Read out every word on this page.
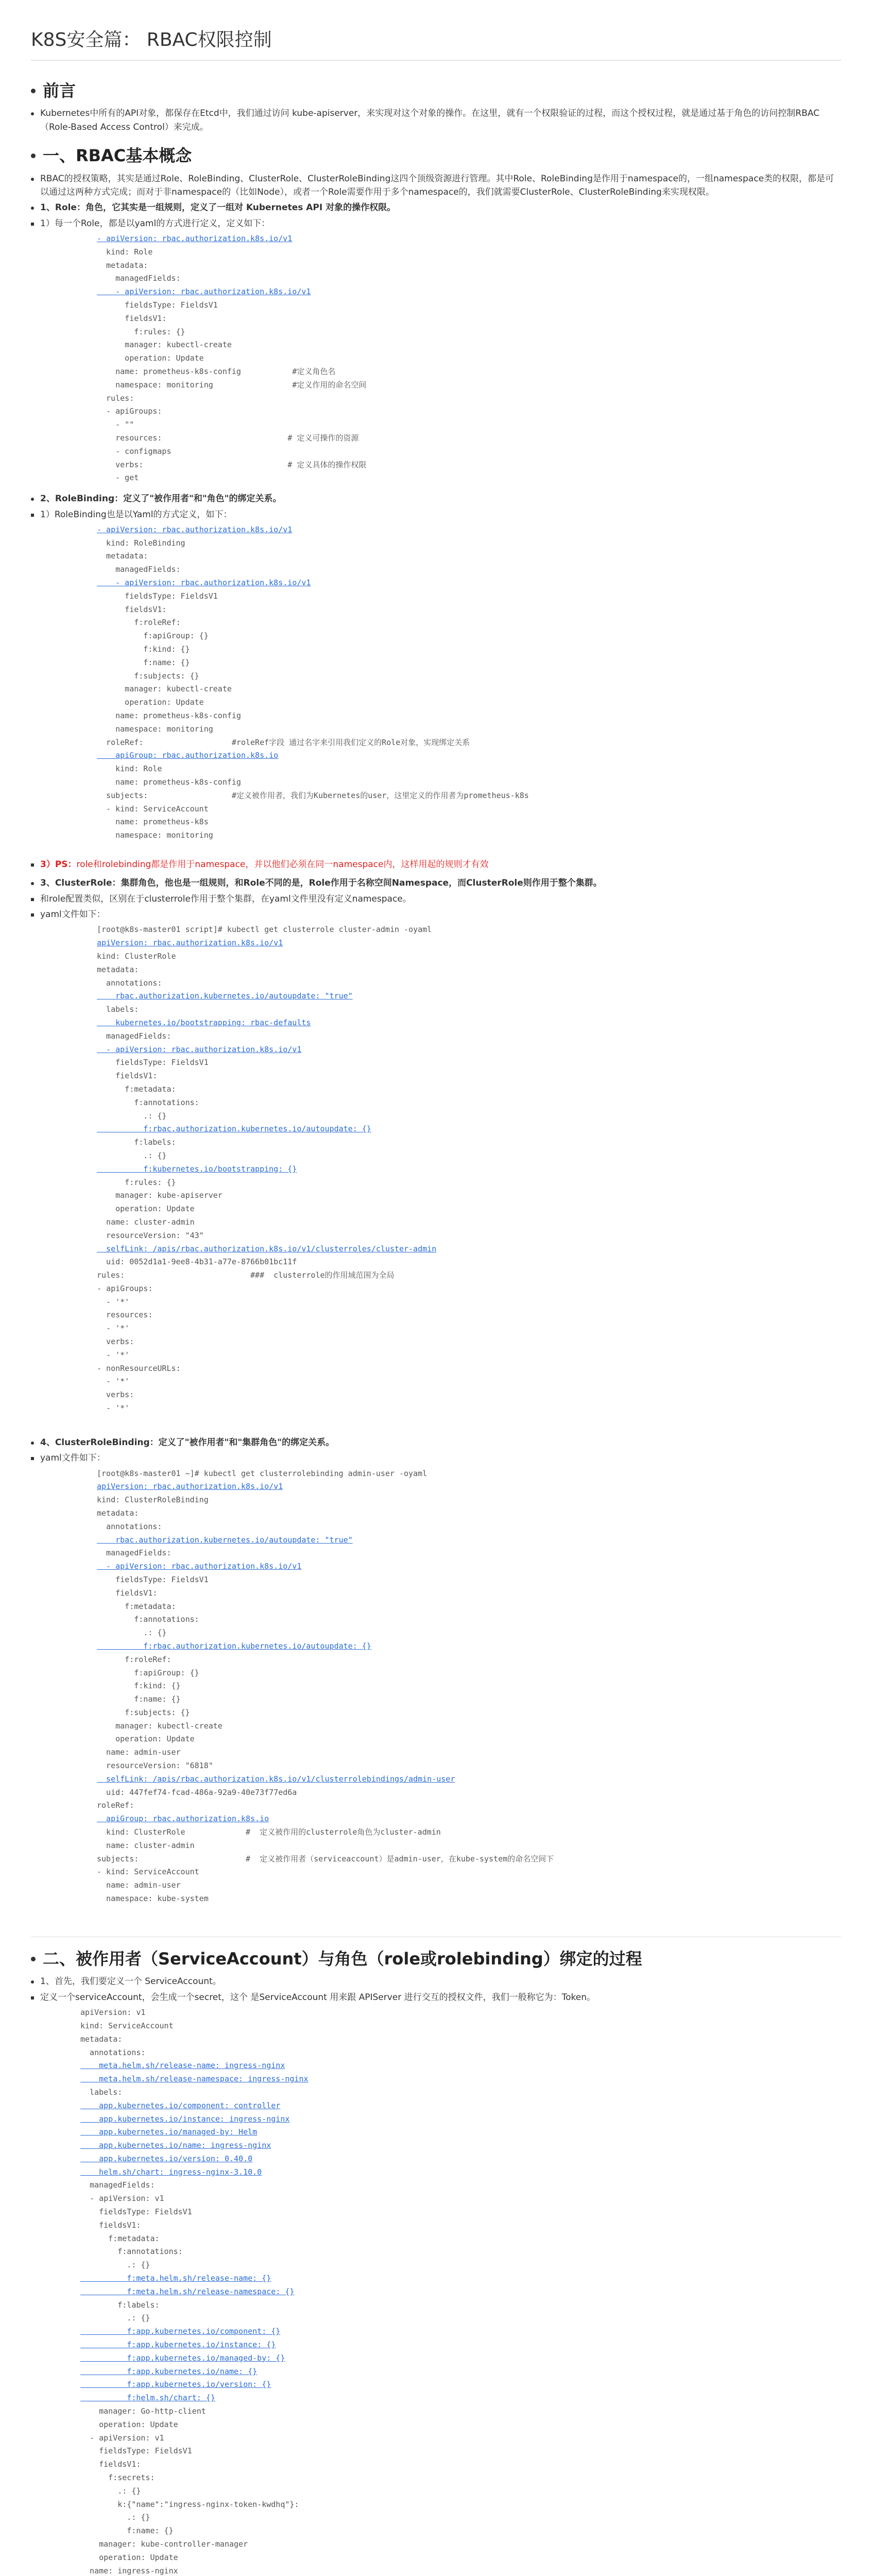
K8S安全篇： RBAC权限控制
前言
Kubernetes中所有的API对象，都保存在Etcd中，我们通过访问 kube-apiserver，来实现对这个对象的操作。在这里，就有一个权限验证的过程，而这个授权过程，就是通过基于角色的访问控制RBAC（Role-Based Access Control）来完成。
一、RBAC基本概念
RBAC的授权策略，其实是通过Role、RoleBinding、ClusterRole、ClusterRoleBinding这四个顶级资源进行管理。其中Role、RoleBinding是作用于namespace的，一组namespace类的权限，都是可以通过这两种方式完成；而对于非namespace的（比如Node），或者一个Role需要作用于多个namespace的，我们就需要ClusterRole、ClusterRoleBinding来实现权限。
1、Role：角色，它其实是一组规则，定义了一组对 Kubernetes API 对象的操作权限。
1）每一个Role，都是以yaml的方式进行定义，定义如下：
- apiVersion: rbac.authorization.k8s.io/v1
kind: Role
metadata:
managedFields:
- apiVersion: rbac.authorization.k8s.io/v1
fieldsType: FieldsV1
fieldsV1:
f:rules: {}
manager: kubectl-create
operation: Update
name: prometheus-k8s-config           #定义角色名
namespace: monitoring                 #定义作用的命名空间
rules:
- apiGroups:
- ""
resources:                           # 定义可操作的资源
- configmaps
verbs:                               # 定义具体的操作权限
- get
2、RoleBinding：定义了"被作用者"和"角色"的绑定关系。
1）RoleBinding也是以Yaml的方式定义，如下：
- apiVersion: rbac.authorization.k8s.io/v1
kind: RoleBinding
metadata:
managedFields:
- apiVersion: rbac.authorization.k8s.io/v1
fieldsType: FieldsV1
fieldsV1:
f:roleRef:
f:apiGroup: {}
f:kind: {}
f:name: {}
f:subjects: {}
manager: kubectl-create
operation: Update
name: prometheus-k8s-config
namespace: monitoring
roleRef:                   #roleRef字段 通过名字来引用我们定义的Role对象，实现绑定关系
apiGroup: rbac.authorization.k8s.io
kind: Role
name: prometheus-k8s-config
subjects:                  #定义被作用者，我们为Kubernetes的user，这里定义的作用者为prometheus-k8s
- kind: ServiceAccount
name: prometheus-k8s
namespace: monitoring
3）PS：role和rolebinding都是作用于namespace，并以他们必须在同一namespace内，这样用起的规则才有效
3、ClusterRole：集群角色，他也是一组规则，和Role不同的是，Role作用于名称空间Namespace，而ClusterRole则作用于整个集群。
和role配置类似，区别在于clusterrole作用于整个集群，在yaml文件里没有定义namespace。
yaml文件如下：
[root@k8s-master01 script]# kubectl get clusterrole cluster-admin -oyaml
apiVersion: rbac.authorization.k8s.io/v1
kind: ClusterRole
metadata:
annotations:
rbac.authorization.kubernetes.io/autoupdate: "true"
labels:
kubernetes.io/bootstrapping: rbac-defaults
managedFields:
- apiVersion: rbac.authorization.k8s.io/v1
fieldsType: FieldsV1
fieldsV1:
f:metadata:
f:annotations:
.: {}
f:rbac.authorization.kubernetes.io/autoupdate: {}
f:labels:
.: {}
f:kubernetes.io/bootstrapping: {}
f:rules: {}
manager: kube-apiserver
operation: Update
name: cluster-admin
resourceVersion: "43"
selfLink: /apis/rbac.authorization.k8s.io/v1/clusterroles/cluster-admin
uid: 0052d1a1-9ee8-4b31-a77e-8766b01bc11f
rules:                           ###  clusterrole的作用域范围为全局
- apiGroups:
- '*'
resources:
- '*'
verbs:
- '*'
- nonResourceURLs:
- '*'
verbs:
- '*'
4、ClusterRoleBinding：定义了"被作用者"和"集群角色"的绑定关系。
yaml文件如下：
[root@k8s-master01 ~]# kubectl get clusterrolebinding admin-user -oyaml
apiVersion: rbac.authorization.k8s.io/v1
kind: ClusterRoleBinding
metadata:
annotations:
rbac.authorization.kubernetes.io/autoupdate: "true"
managedFields:
- apiVersion: rbac.authorization.k8s.io/v1
fieldsType: FieldsV1
fieldsV1:
f:metadata:
f:annotations:
.: {}
f:rbac.authorization.kubernetes.io/autoupdate: {}
f:roleRef:
f:apiGroup: {}
f:kind: {}
f:name: {}
f:subjects: {}
manager: kubectl-create
operation: Update
name: admin-user
resourceVersion: "6818"
selfLink: /apis/rbac.authorization.k8s.io/v1/clusterrolebindings/admin-user
uid: 447fef74-fcad-486a-92a9-40e73f77ed6a
roleRef:
apiGroup: rbac.authorization.k8s.io
kind: ClusterRole             #  定义被作用的clusterrole角色为cluster-admin
name: cluster-admin
subjects:                       #  定义被作用者（serviceaccount）是admin-user，在kube-system的命名空间下
- kind: ServiceAccount
name: admin-user
namespace: kube-system
二、被作用者（ServiceAccount）与角色（role或rolebinding）绑定的过程
1、首先，我们要定义一个 ServiceAccount。
定义一个serviceAccount，会生成一个secret，这个 是ServiceAccount 用来跟 APIServer 进行交互的授权文件，我们一般称它为：Token。
apiVersion: v1
kind: ServiceAccount
metadata:
annotations:
meta.helm.sh/release-name: ingress-nginx
meta.helm.sh/release-namespace: ingress-nginx
labels:
app.kubernetes.io/component: controller
app.kubernetes.io/instance: ingress-nginx
app.kubernetes.io/managed-by: Helm
app.kubernetes.io/name: ingress-nginx
app.kubernetes.io/version: 0.40.0
helm.sh/chart: ingress-nginx-3.10.0
managedFields:
- apiVersion: v1
fieldsType: FieldsV1
fieldsV1:
f:metadata:
f:annotations:
.: {}
f:meta.helm.sh/release-name: {}
f:meta.helm.sh/release-namespace: {}
f:labels:
.: {}
f:app.kubernetes.io/component: {}
f:app.kubernetes.io/instance: {}
f:app.kubernetes.io/managed-by: {}
f:app.kubernetes.io/name: {}
f:app.kubernetes.io/version: {}
f:helm.sh/chart: {}
manager: Go-http-client
operation: Update
- apiVersion: v1
fieldsType: FieldsV1
fieldsV1:
f:secrets:
.: {}
k:{"name":"ingress-nginx-token-kwdhq"}:
.: {}
f:name: {}
manager: kube-controller-manager
operation: Update
name: ingress-nginx
